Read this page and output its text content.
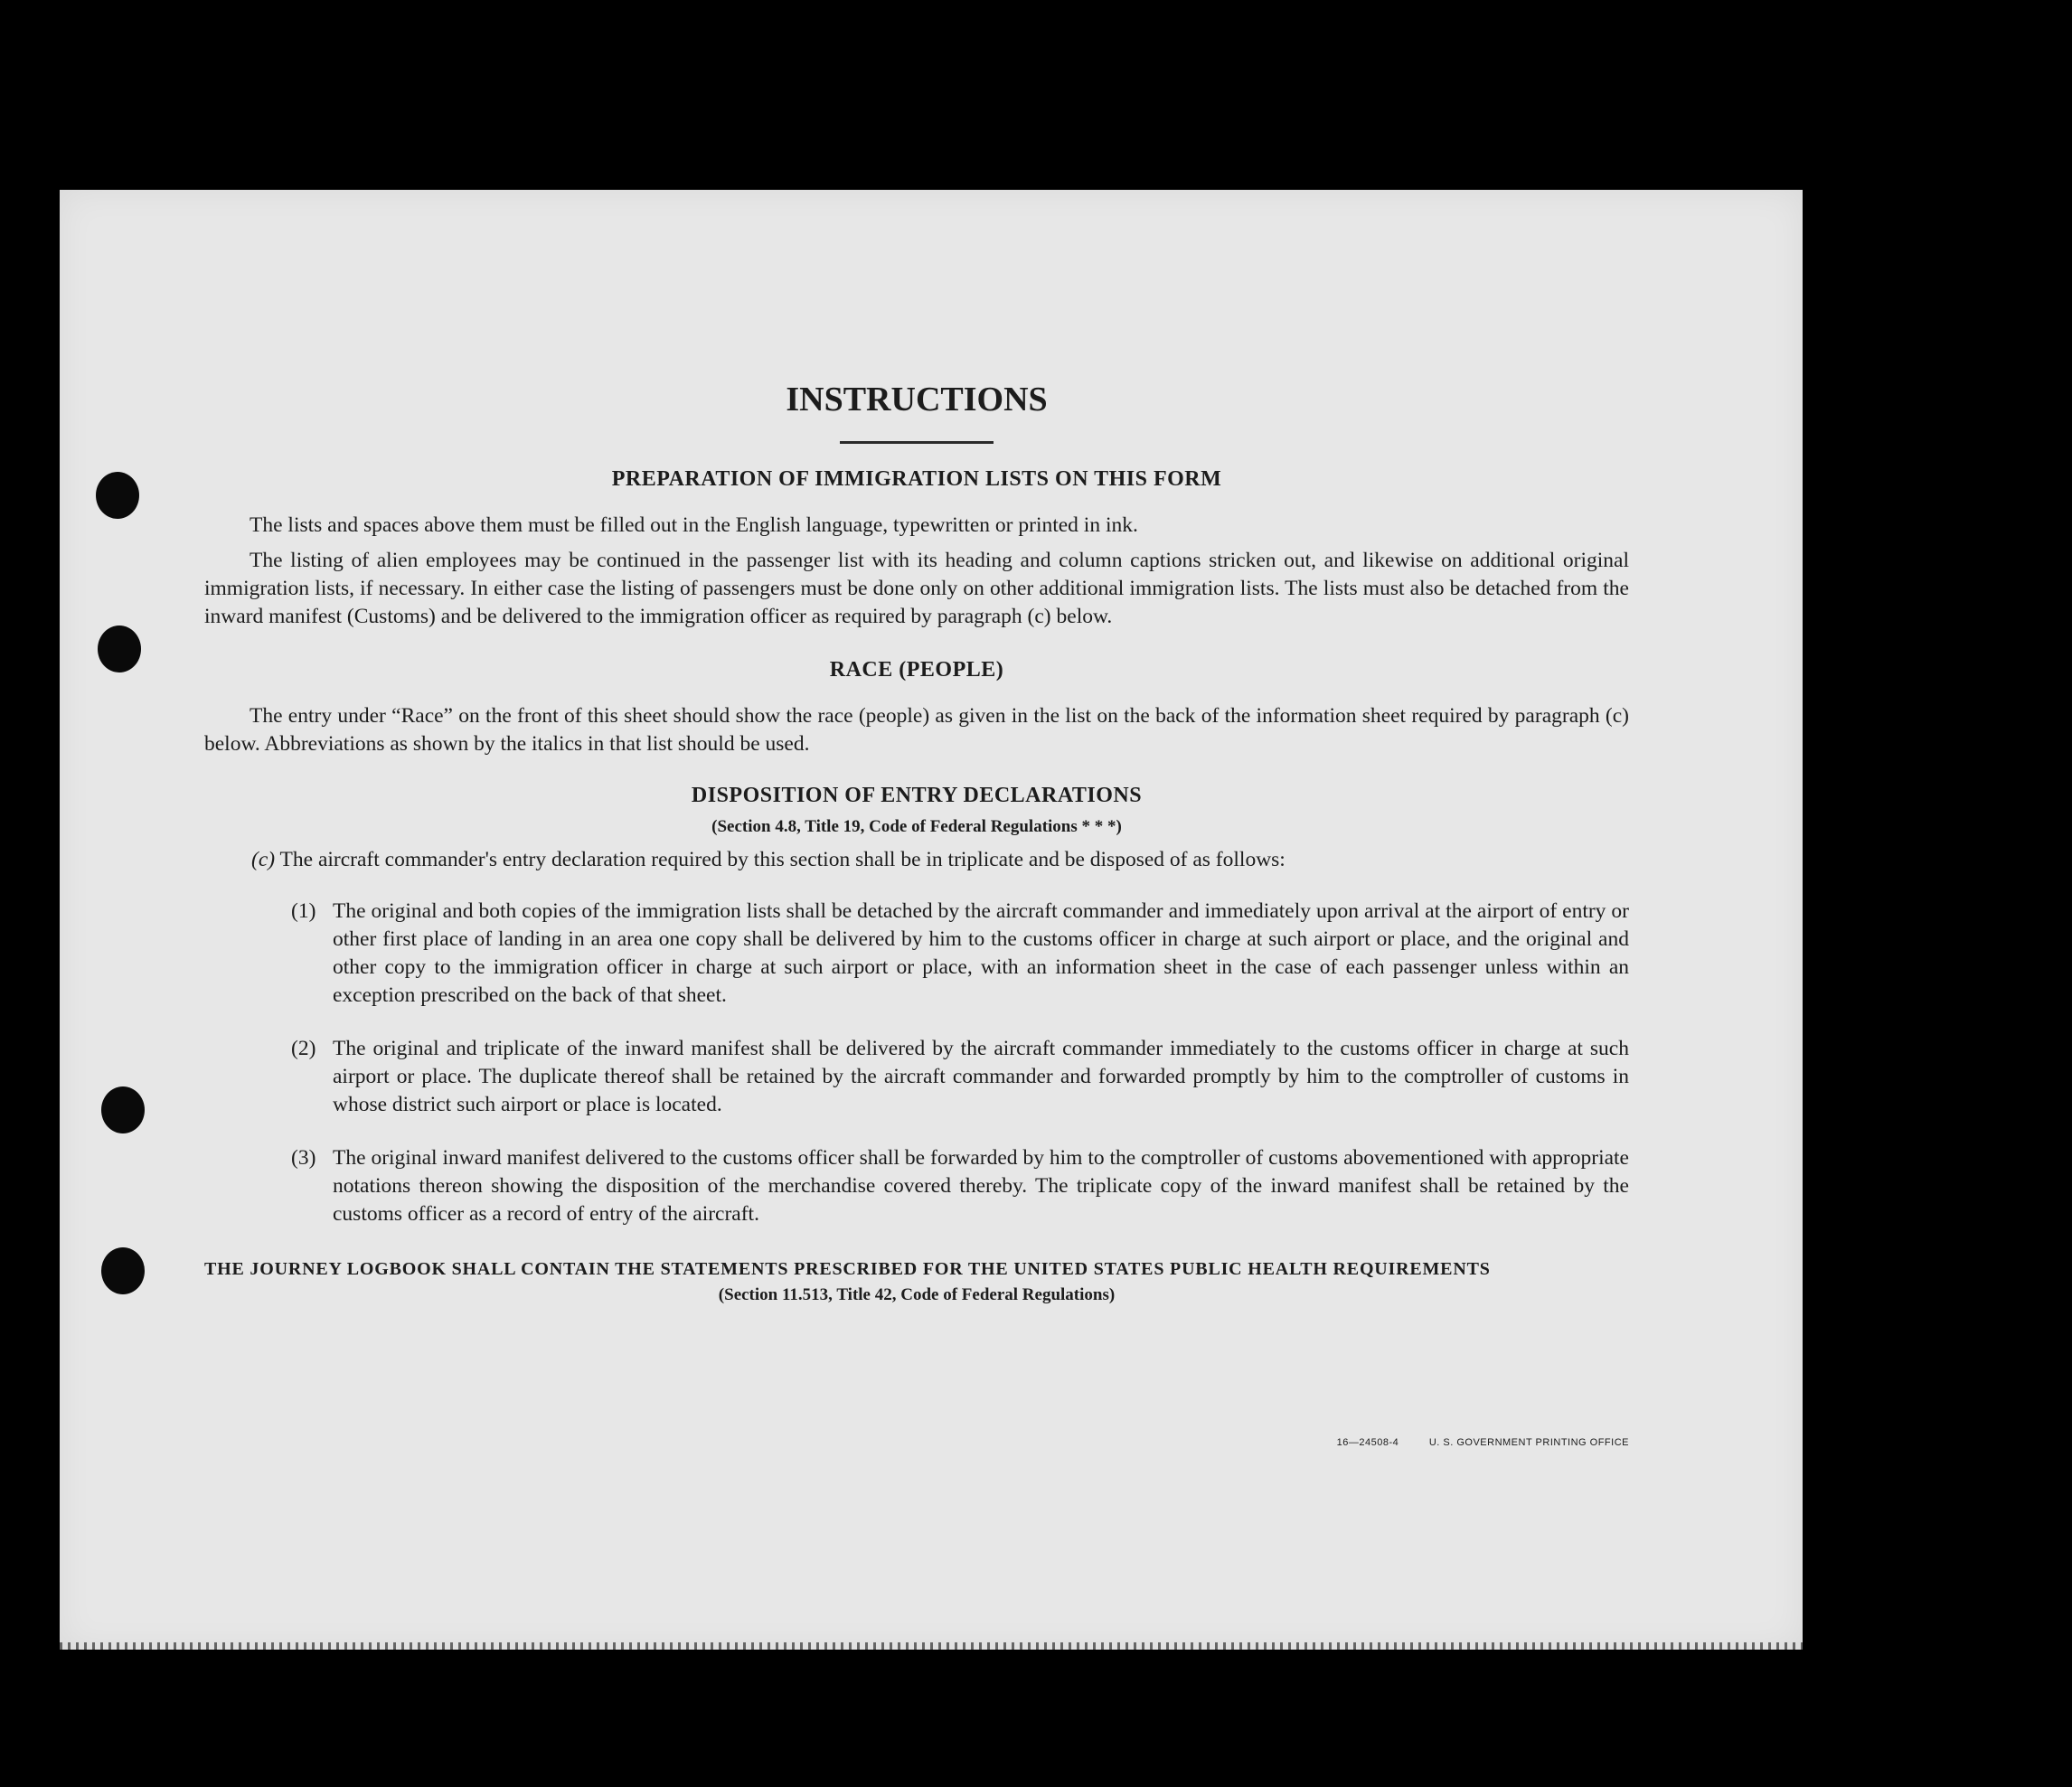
INSTRUCTIONS
PREPARATION OF IMMIGRATION LISTS ON THIS FORM

The lists and spaces above them must be filled out in the English language, typewritten or printed in ink.

The listing of alien employees may be continued in the passenger list with its heading and column captions stricken out, and likewise on additional original immigration lists, if necessary. In either case the listing of passengers must be done only on other additional immigration lists. The lists must also be detached from the inward manifest (Customs) and be delivered to the immigration officer as required by paragraph (c) below.

RACE (PEOPLE)

The entry under “Race” on the front of this sheet should show the race (people) as given in the list on the back of the information sheet required by paragraph (c) below. Abbreviations as shown by the italics in that list should be used.

DISPOSITION OF ENTRY DECLARATIONS
(Section 4.8, Title 19, Code of Federal Regulations * * *)
(c) The aircraft commander's entry declaration required by this section shall be in triplicate and be disposed of as follows:
(1) The original and both copies of the immigration lists shall be detached by the aircraft commander and immediately upon arrival at the airport of entry or other first place of landing in an area one copy shall be delivered by him to the customs officer in charge at such airport or place, and the original and other copy to the immigration officer in charge at such airport or place, with an information sheet in the case of each passenger unless within an exception prescribed on the back of that sheet.
(2) The original and triplicate of the inward manifest shall be delivered by the aircraft commander immediately to the customs officer in charge at such airport or place. The duplicate thereof shall be retained by the aircraft commander and forwarded promptly by him to the comptroller of customs in whose district such airport or place is located.
(3) The original inward manifest delivered to the customs officer shall be forwarded by him to the comptroller of customs abovementioned with appropriate notations thereon showing the disposition of the merchandise covered thereby. The triplicate copy of the inward manifest shall be retained by the customs officer as a record of entry of the aircraft.
THE JOURNEY LOGBOOK SHALL CONTAIN THE STATEMENTS PRESCRIBED FOR THE UNITED STATES PUBLIC HEALTH REQUIREMENTS
(Section 11.513, Title 42, Code of Federal Regulations)
16—24508-4	U. S. GOVERNMENT PRINTING OFFICE
